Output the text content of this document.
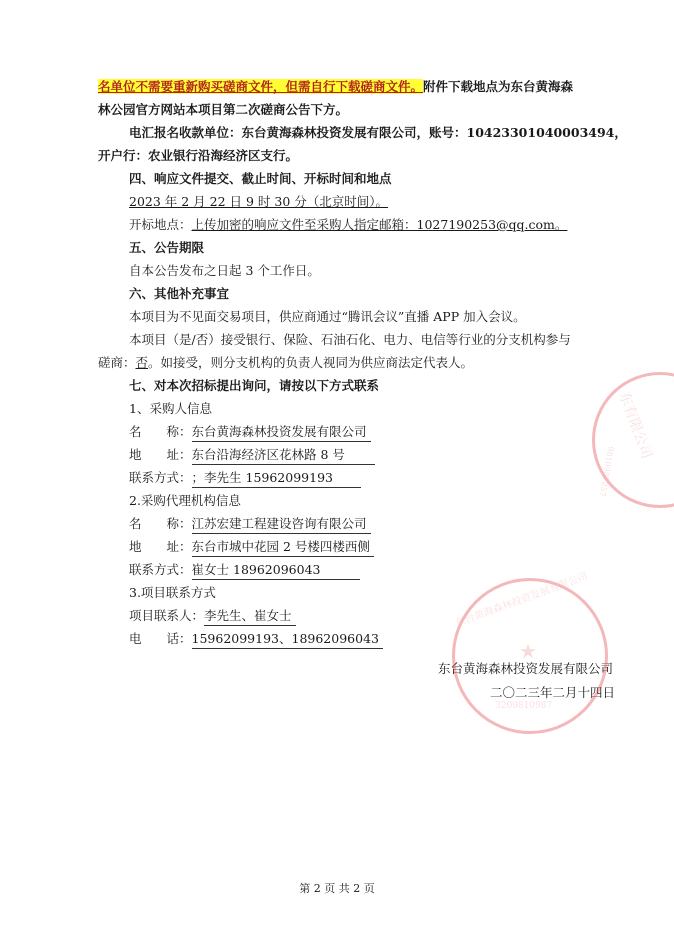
名单位不需要重新购买磋商文件，但需自行下载磋商文件。附件下载地点为东台黄海森
林公园官方网站本项目第二次磋商公告下方。
电汇报名收款单位：东台黄海森林投资发展有限公司，账号：10423301040003494，
开户行：农业银行沿海经济区支行。
四、响应文件提交、截止时间、开标时间和地点
2023 年 2 月 22 日 9 时 30 分（北京时间）。
开标地点：上传加密的响应文件至采购人指定邮箱：1027190253@qq.com。
五、公告期限
自本公告发布之日起 3 个工作日。
六、其他补充事宜
本项目为不见面交易项目，供应商通过“腾讯会议”直播 APP 加入会议。
本项目（是/否）接受银行、保险、石油石化、电力、电信等行业的分支机构参与
磋商：否。如接受，则分支机构的负责人视同为供应商法定代表人。
七、对本次招标提出询问，请按以下方式联系
1、采购人信息
名　　称：东台黄海森林投资发展有限公司
地　　址：东台沿海经济区花林路 8 号
联系方式：；李先生 15962099193
2.采购代理机构信息
名　　称：江苏宏建工程建设咨询有限公司
地　　址：东台市城中花园 2 号楼四楼西侧
联系方式：崔女士 18962096043
3.项目联系方式
项目联系人：李先生、崔女士
电　　话：15962099193、18962096043
东台黄海森林投资发展有限公司
二〇二三年二月十四日
★
东台黄海森林投资发展有限公司
3209810987
东有限公司
9810987257
第 2 页 共 2 页
